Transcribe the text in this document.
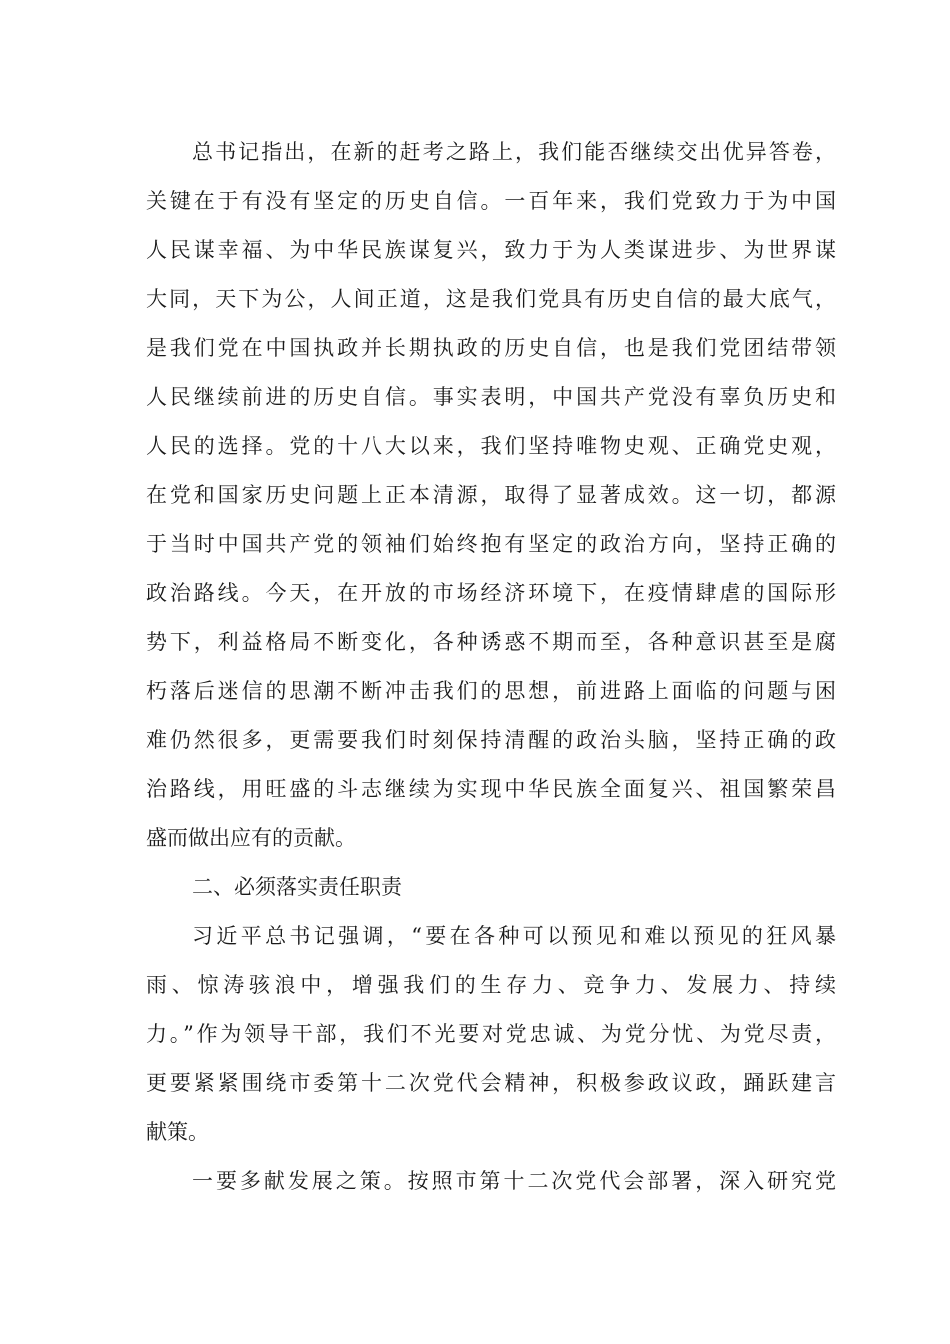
总书记指出，在新的赶考之路上，我们能否继续交出优异答卷，
关键在于有没有坚定的历史自信。一百年来，我们党致力于为中国
人民谋幸福、为中华民族谋复兴，致力于为人类谋进步、为世界谋
大同，天下为公，人间正道，这是我们党具有历史自信的最大底气，
是我们党在中国执政并长期执政的历史自信，也是我们党团结带领
人民继续前进的历史自信。事实表明，中国共产党没有辜负历史和
人民的选择。党的十八大以来，我们坚持唯物史观、正确党史观，
在党和国家历史问题上正本清源，取得了显著成效。这一切，都源
于当时中国共产党的领袖们始终抱有坚定的政治方向，坚持正确的
政治路线。今天，在开放的市场经济环境下，在疫情肆虐的国际形
势下，利益格局不断变化，各种诱惑不期而至，各种意识甚至是腐
朽落后迷信的思潮不断冲击我们的思想，前进路上面临的问题与困
难仍然很多，更需要我们时刻保持清醒的政治头脑，坚持正确的政
治路线，用旺盛的斗志继续为实现中华民族全面复兴、祖国繁荣昌
盛而做出应有的贡献。
二、必须落实责任职责
习近平总书记强调，“要在各种可以预见和难以预见的狂风暴
雨、惊涛骇浪中，增强我们的生存力、竞争力、发展力、持续
力。”作为领导干部，我们不光要对党忠诚、为党分忧、为党尽责，
更要紧紧围绕市委第十二次党代会精神，积极参政议政，踊跃建言
献策。
一要多献发展之策。按照市第十二次党代会部署，深入研究党
